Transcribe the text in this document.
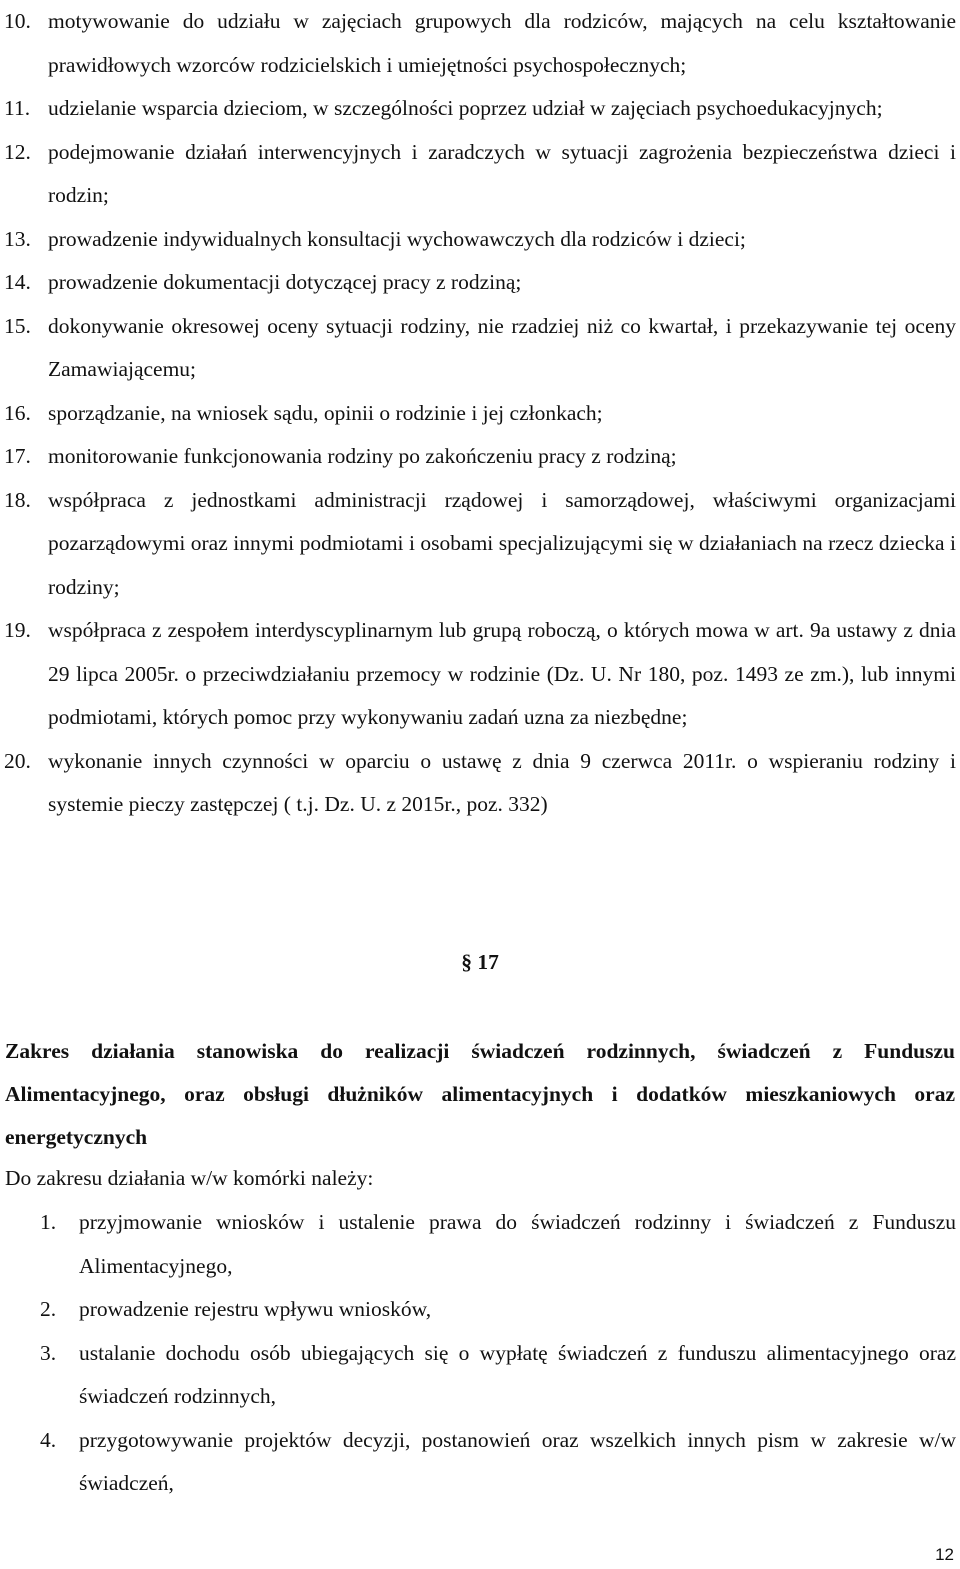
10. motywowanie do udziału w zajęciach grupowych dla rodziców, mających na celu kształtowanie prawidłowych wzorców rodzicielskich i umiejętności psychospołecznych;
11. udzielanie wsparcia dzieciom, w szczególności poprzez udział w zajęciach psychoedukacyjnych;
12. podejmowanie działań interwencyjnych i zaradczych w sytuacji zagrożenia bezpieczeństwa dzieci i rodzin;
13. prowadzenie indywidualnych konsultacji wychowawczych dla rodziców i dzieci;
14. prowadzenie dokumentacji dotyczącej pracy z rodziną;
15. dokonywanie okresowej oceny sytuacji rodziny, nie rzadziej niż co kwartał, i przekazywanie tej oceny Zamawiającemu;
16. sporządzanie, na wniosek sądu, opinii o rodzinie i jej członkach;
17. monitorowanie funkcjonowania rodziny po zakończeniu pracy z rodziną;
18. współpraca z jednostkami administracji rządowej i samorządowej, właściwymi organizacjami pozarządowymi oraz innymi podmiotami i osobami specjalizującymi się w działaniach na rzecz dziecka i rodziny;
19. współpraca z zespołem interdyscyplinarnym lub grupą roboczą, o których mowa w art. 9a ustawy z dnia 29 lipca 2005r. o przeciwdziałaniu przemocy w rodzinie (Dz. U. Nr 180, poz. 1493 ze zm.), lub innymi podmiotami, których pomoc przy wykonywaniu zadań uzna za niezbędne;
20. wykonanie innych czynności w oparciu o ustawę z dnia 9 czerwca 2011r. o wspieraniu rodziny i systemie pieczy zastępczej ( t.j. Dz. U. z 2015r., poz. 332)
§ 17
Zakres działania stanowiska do realizacji świadczeń rodzinnych, świadczeń z Funduszu Alimentacyjnego, oraz obsługi dłużników alimentacyjnych i dodatków mieszkaniowych oraz energetycznych
Do zakresu działania w/w komórki należy:
1. przyjmowanie wniosków i ustalenie prawa do świadczeń rodzinny i świadczeń z Funduszu Alimentacyjnego,
2. prowadzenie rejestru wpływu wniosków,
3. ustalanie dochodu osób ubiegających się o wypłatę świadczeń z funduszu alimentacyjnego oraz świadczeń rodzinnych,
4. przygotowywanie projektów decyzji, postanowień oraz wszelkich innych pism w zakresie w/w świadczeń,
12
